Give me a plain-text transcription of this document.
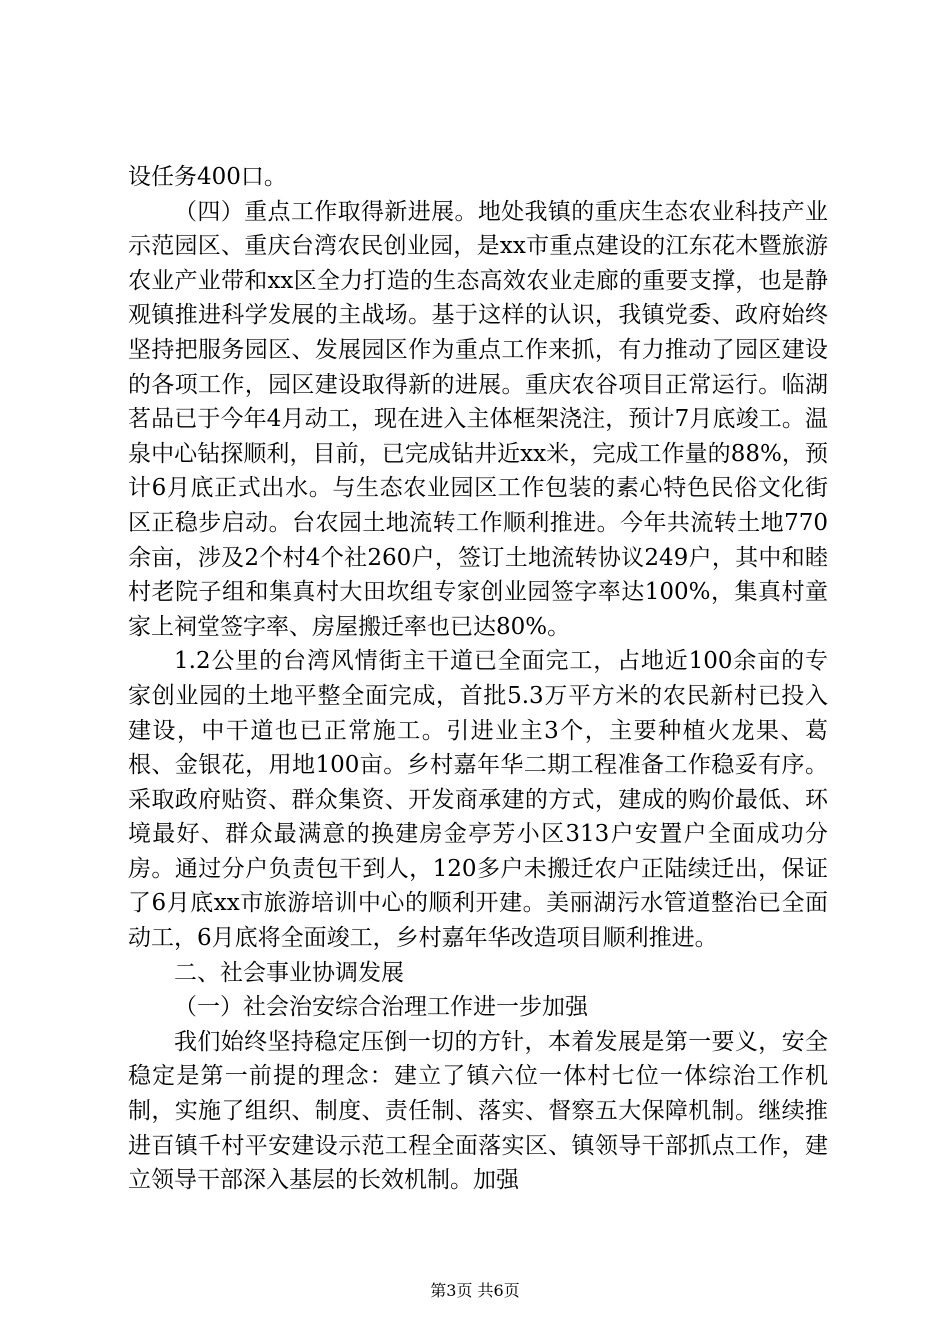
设任务400口。

（四）重点工作取得新进展。地处我镇的重庆生态农业科技产业示范园区、重庆台湾农民创业园，是xx市重点建设的江东花木暨旅游农业产业带和xx区全力打造的生态高效农业走廊的重要支撑，也是静观镇推进科学发展的主战场。基于这样的认识，我镇党委、政府始终坚持把服务园区、发展园区作为重点工作来抓，有力推动了园区建设的各项工作，园区建设取得新的进展。重庆农谷项目正常运行。临湖茗品已于今年4月动工，现在进入主体框架浇注，预计7月底竣工。温泉中心钻探顺利，目前，已完成钻井近xx米，完成工作量的88%，预计6月底正式出水。与生态农业园区工作包装的素心特色民俗文化街区正稳步启动。台农园土地流转工作顺利推进。今年共流转土地770余亩，涉及2个村4个社260户，签订土地流转协议249户，其中和睦村老院子组和集真村大田坎组专家创业园签字率达100%，集真村童家上祠堂签字率、房屋搬迁率也已达80%。

1.2公里的台湾风情街主干道已全面完工，占地近100余亩的专家创业园的土地平整全面完成，首批5.3万平方米的农民新村已投入建设，中干道也已正常施工。引进业主3个，主要种植火龙果、葛根、金银花，用地100亩。乡村嘉年华二期工程准备工作稳妥有序。采取政府贴资、群众集资、开发商承建的方式，建成的购价最低、环境最好、群众最满意的换建房金亭芳小区313户安置户全面成功分房。通过分户负责包干到人，120多户未搬迁农户正陆续迁出，保证了6月底xx市旅游培训中心的顺利开建。美丽湖污水管道整治已全面动工，6月底将全面竣工，乡村嘉年华改造项目顺利推进。

二、社会事业协调发展

（一）社会治安综合治理工作进一步加强

我们始终坚持稳定压倒一切的方针，本着发展是第一要义，安全稳定是第一前提的理念：建立了镇六位一体村七位一体综治工作机制，实施了组织、制度、责任制、落实、督察五大保障机制。继续推进百镇千村平安建设示范工程全面落实区、镇领导干部抓点工作，建立领导干部深入基层的长效机制。加强

第3页 共6页
